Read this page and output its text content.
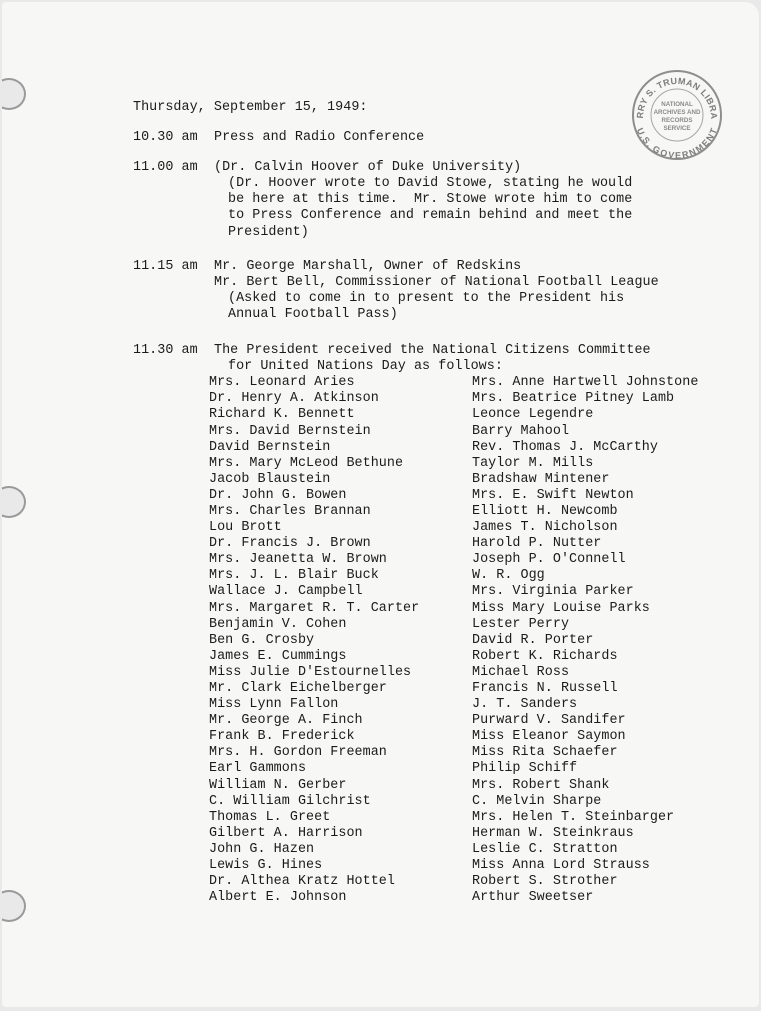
RRY S. TRUMAN LIBRA
U.S. GOVERNMENT
NATIONAL
ARCHIVES AND
RECORDS
SERVICE
Thursday, September 15, 1949:
10.30 am	Press and Radio Conference
11.00 am	(Dr. Calvin Hoover of Duke University)
(Dr. Hoover wrote to David Stowe, stating he would
be here at this time.  Mr. Stowe wrote him to come
to Press Conference and remain behind and meet the
President)
11.15 am	Mr. George Marshall, Owner of Redskins
Mr. Bert Bell, Commissioner of National Football League
(Asked to come in to present to the President his
Annual Football Pass)
11.30 am	The President received the National Citizens Committee
for United Nations Day as follows:
Mrs. Leonard Aries
Dr. Henry A. Atkinson
Richard K. Bennett
Mrs. David Bernstein
David Bernstein
Mrs. Mary McLeod Bethune
Jacob Blaustein
Dr. John G. Bowen
Mrs. Charles Brannan
Lou Brott
Dr. Francis J. Brown
Mrs. Jeanetta W. Brown
Mrs. J. L. Blair Buck
Wallace J. Campbell
Mrs. Margaret R. T. Carter
Benjamin V. Cohen
Ben G. Crosby
James E. Cummings
Miss Julie D'Estournelles
Mr. Clark Eichelberger
Miss Lynn Fallon
Mr. George A. Finch
Frank B. Frederick
Mrs. H. Gordon Freeman
Earl Gammons
William N. Gerber
C. William Gilchrist
Thomas L. Greet
Gilbert A. Harrison
John G. Hazen
Lewis G. Hines
Dr. Althea Kratz Hottel
Albert E. Johnson
Mrs. Anne Hartwell Johnstone
Mrs. Beatrice Pitney Lamb
Leonce Legendre
Barry Mahool
Rev. Thomas J. McCarthy
Taylor M. Mills
Bradshaw Mintener
Mrs. E. Swift Newton
Elliott H. Newcomb
James T. Nicholson
Harold P. Nutter
Joseph P. O'Connell
W. R. Ogg
Mrs. Virginia Parker
Miss Mary Louise Parks
Lester Perry
David R. Porter
Robert K. Richards
Michael Ross
Francis N. Russell
J. T. Sanders
Purward V. Sandifer
Miss Eleanor Saymon
Miss Rita Schaefer
Philip Schiff
Mrs. Robert Shank
C. Melvin Sharpe
Mrs. Helen T. Steinbarger
Herman W. Steinkraus
Leslie C. Stratton
Miss Anna Lord Strauss
Robert S. Strother
Arthur Sweetser
